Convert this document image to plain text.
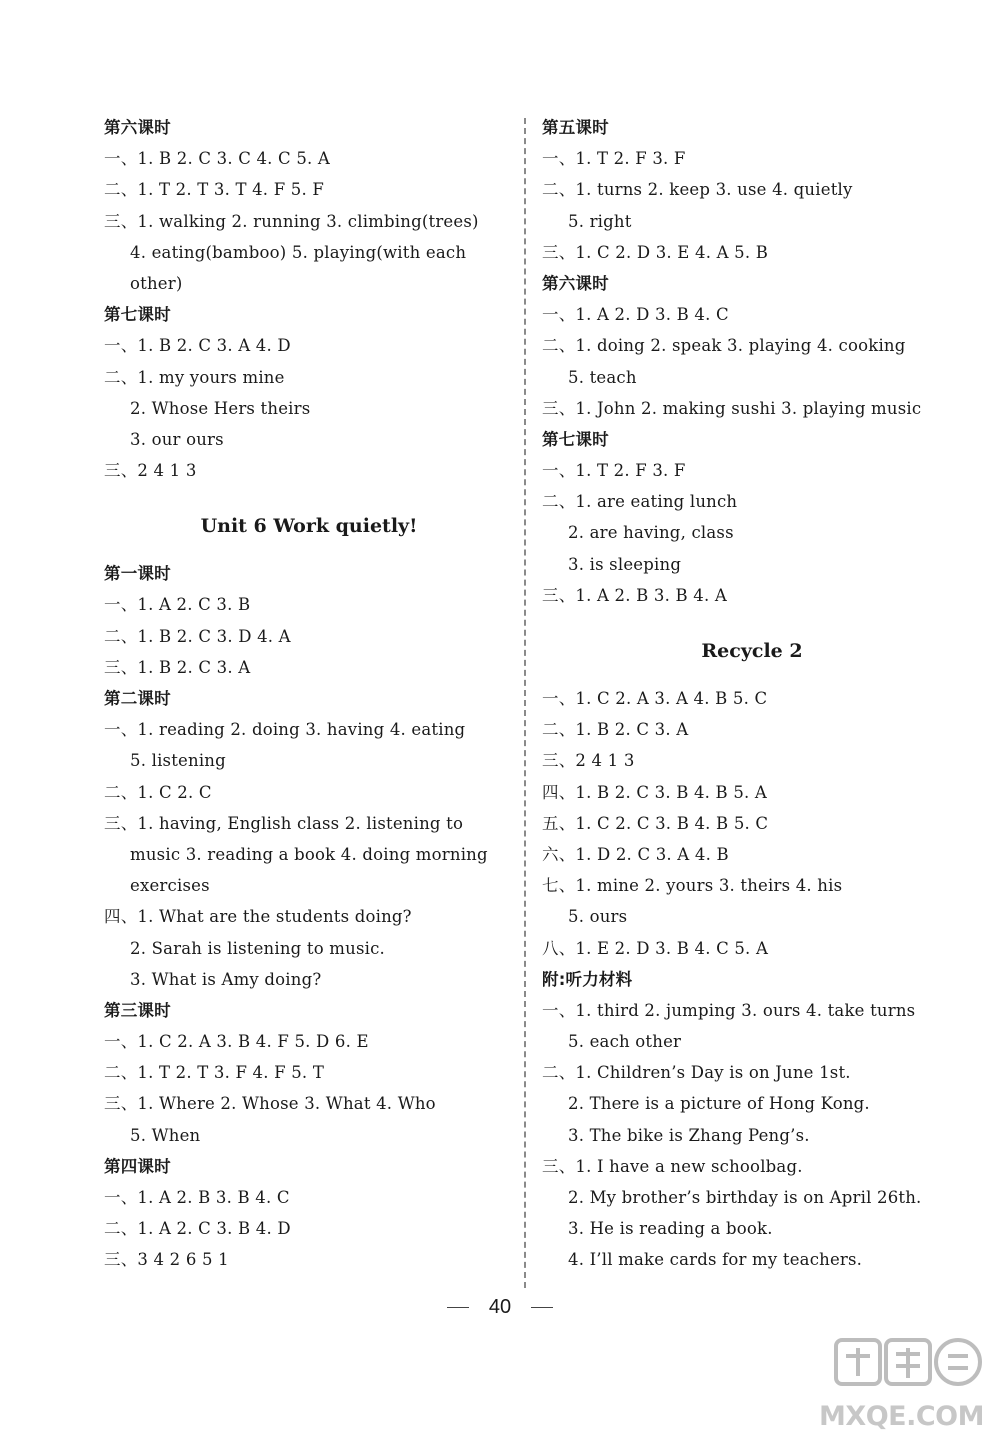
第六课时
一、1. B 2. C 3. C 4. C 5. A
二、1. T 2. T 3. T 4. F 5. F
三、1. walking 2. running 3. climbing(trees)
4. eating(bamboo) 5. playing(with each
other)
第七课时
一、1. B 2. C 3. A 4. D
二、1. my yours mine
2. Whose Hers theirs
3. our ours
三、2 4 1 3
Unit 6 Work quietly!
第一课时
一、1. A 2. C 3. B
二、1. B 2. C 3. D 4. A
三、1. B 2. C 3. A
第二课时
一、1. reading 2. doing 3. having 4. eating
5. listening
二、1. C 2. C
三、1. having, English class 2. listening to
music 3. reading a book 4. doing morning
exercises
四、1. What are the students doing?
2. Sarah is listening to music.
3. What is Amy doing?
第三课时
一、1. C 2. A 3. B 4. F 5. D 6. E
二、1. T 2. T 3. F 4. F 5. T
三、1. Where 2. Whose 3. What 4. Who
5. When
第四课时
一、1. A 2. B 3. B 4. C
二、1. A 2. C 3. B 4. D
三、3 4 2 6 5 1
第五课时
一、1. T 2. F 3. F
二、1. turns 2. keep 3. use 4. quietly
5. right
三、1. C 2. D 3. E 4. A 5. B
第六课时
一、1. A 2. D 3. B 4. C
二、1. doing 2. speak 3. playing 4. cooking
5. teach
三、1. John 2. making sushi 3. playing music
第七课时
一、1. T 2. F 3. F
二、1. are eating lunch
2. are having, class
3. is sleeping
三、1. A 2. B 3. B 4. A
Recycle 2
一、1. C 2. A 3. A 4. B 5. C
二、1. B 2. C 3. A
三、2 4 1 3
四、1. B 2. C 3. B 4. B 5. A
五、1. C 2. C 3. B 4. B 5. C
六、1. D 2. C 3. A 4. B
七、1. mine 2. yours 3. theirs 4. his
5. ours
八、1. E 2. D 3. B 4. C 5. A
附:听力材料
一、1. third 2. jumping 3. ours 4. take turns
5. each other
二、1. Children’s Day is on June 1st.
2. There is a picture of Hong Kong.
3. The bike is Zhang Peng’s.
三、1. I have a new schoolbag.
2. My brother’s birthday is on April 26th.
3. He is reading a book.
4. I’ll make cards for my teachers.
40
MXQE.COM
